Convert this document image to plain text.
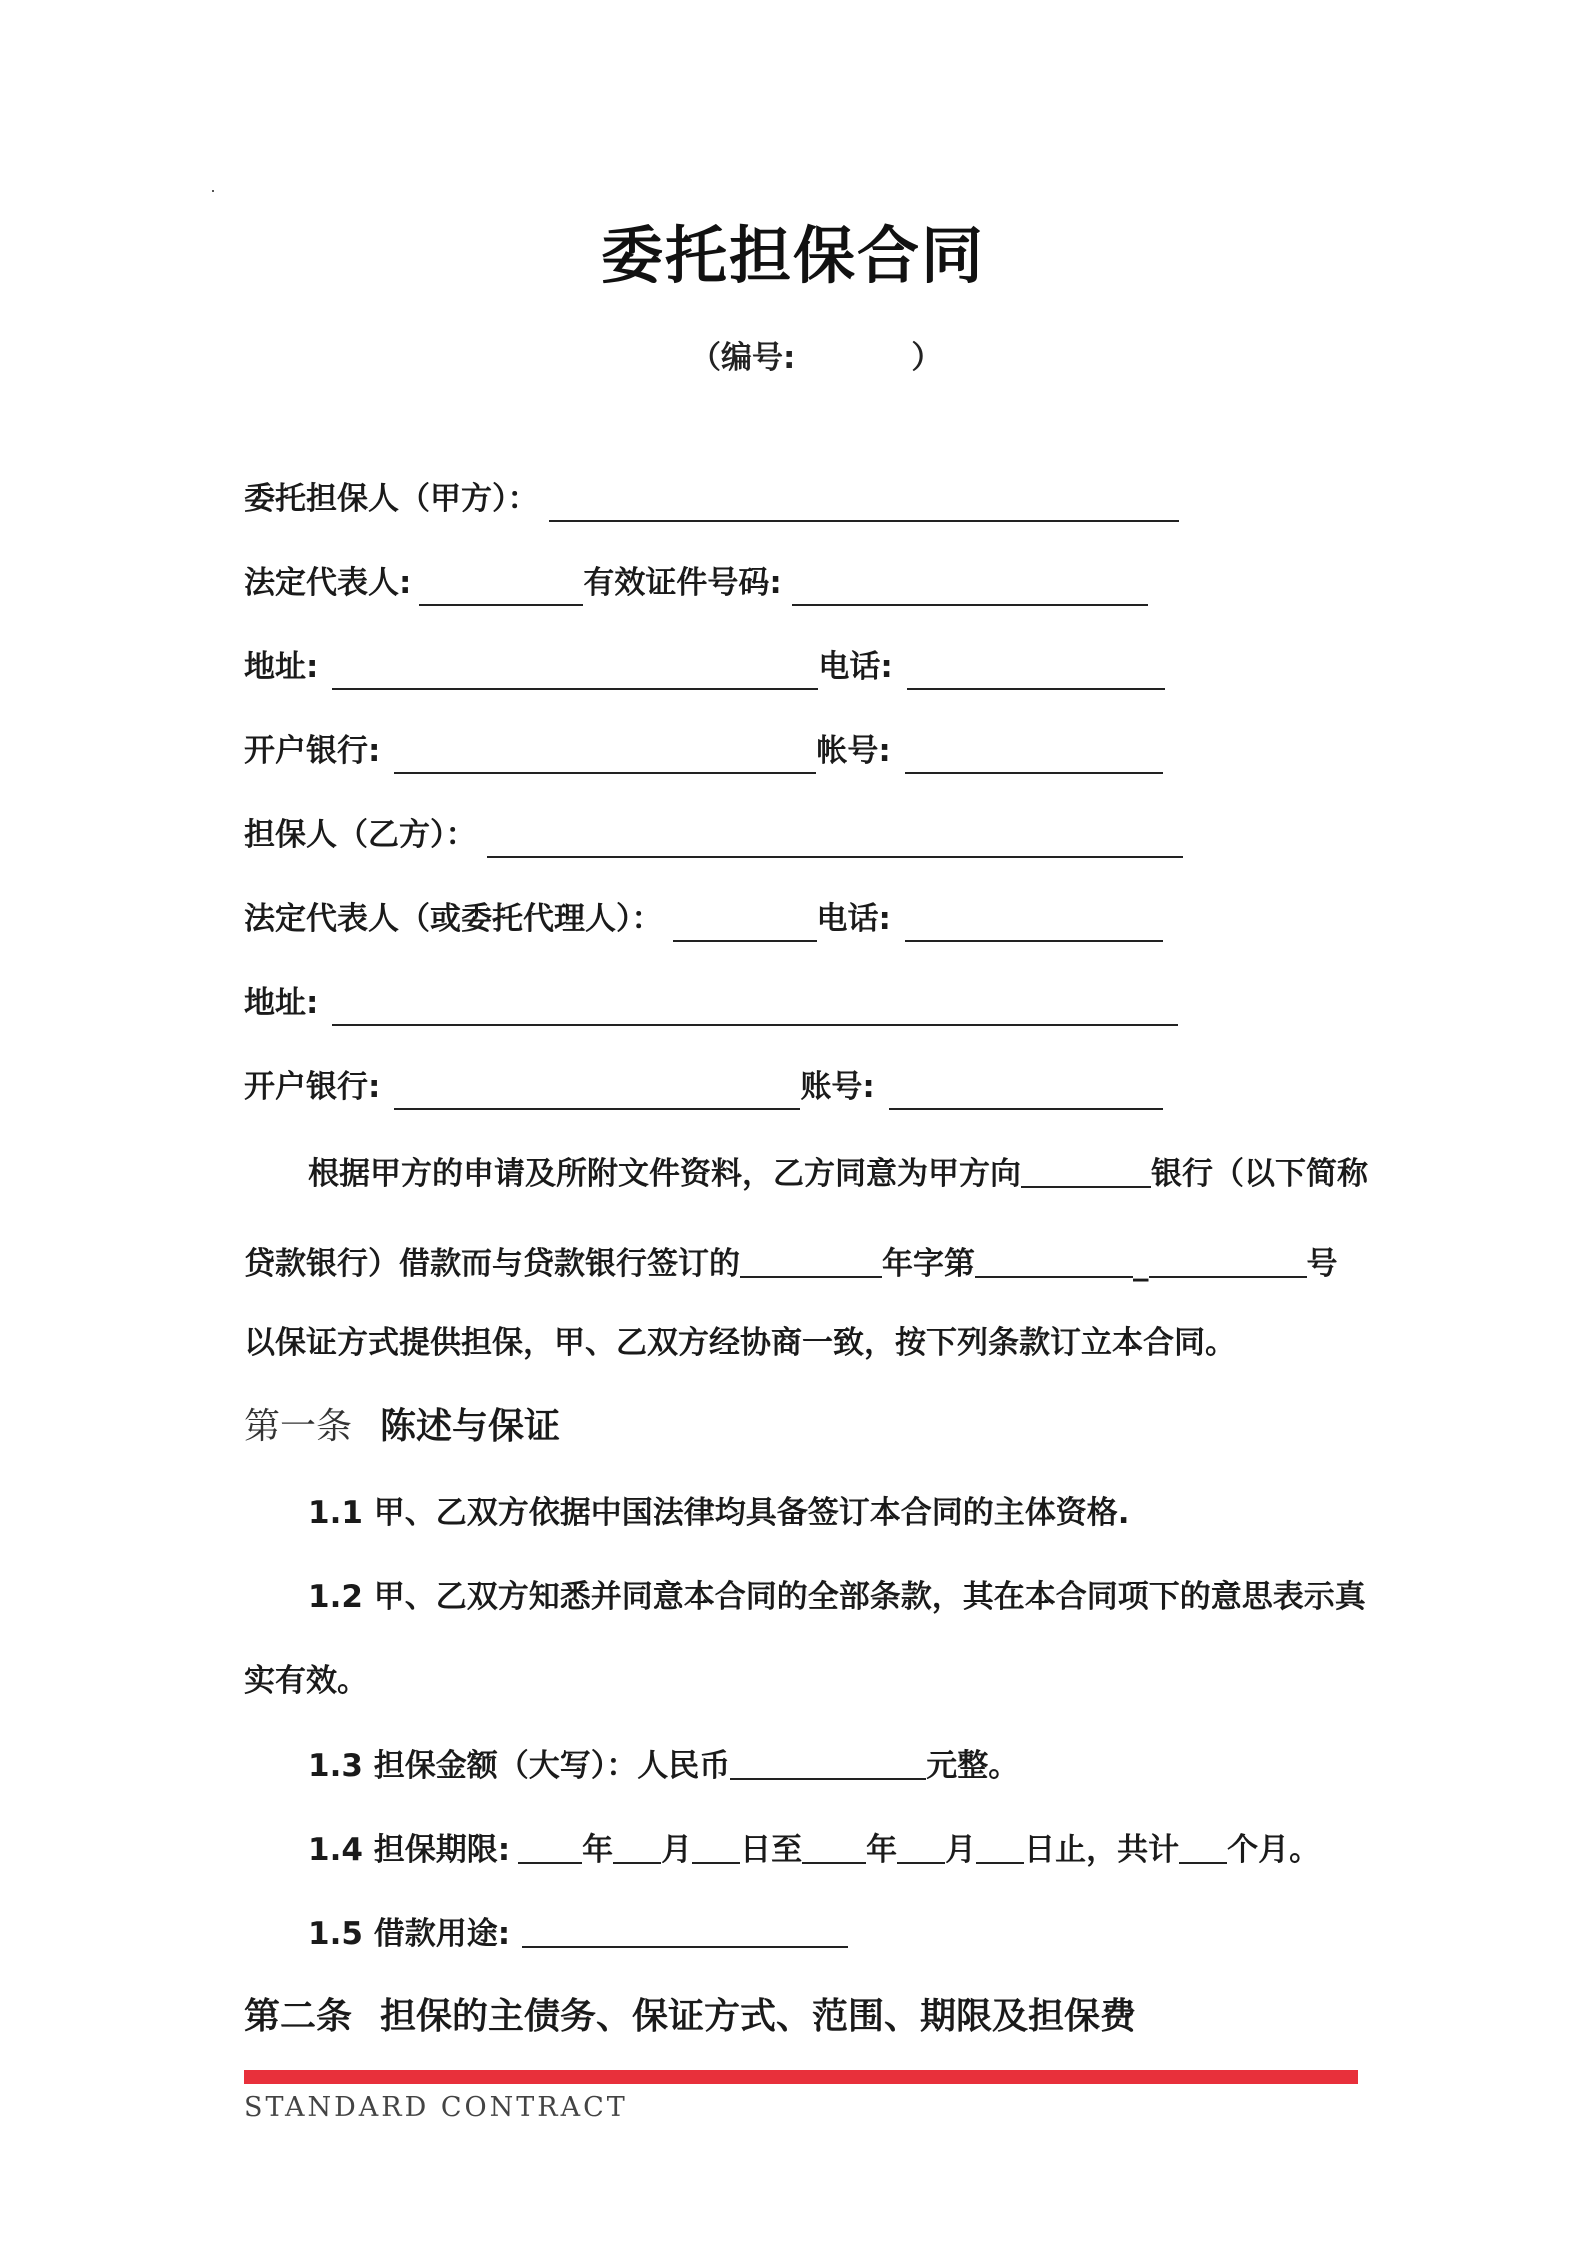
委托担保合同
（编号:	）
委托担保人（甲方）：
法定代表人:	有效证件号码:
地址:	电话:
开户银行:	帐号:
担保人（乙方）：
法定代表人（或委托代理人）：	电话:
地址:
开户银行:	账号:
根据甲方的申请及所附文件资料，乙方同意为甲方向	银行（以下简称
贷款银行）借款而与贷款银行签订的	年字第	_	号
以保证方式提供担保，甲、乙双方经协商一致，按下列条款订立本合同。
第一条 陈述与保证
1.1 甲、乙双方依据中国法律均具备签订本合同的主体资格.
1.2 甲、乙双方知悉并同意本合同的全部条款，其在本合同项下的意思表示真
实有效。
1.3 担保金额（大写）：人民币	元整。
1.4 担保期限: 年 月 日至 年 月 日止，共计 个月。
1.5 借款用途:
第二条 担保的主债务、保证方式、范围、期限及担保费
STANDARD CONTRACT
